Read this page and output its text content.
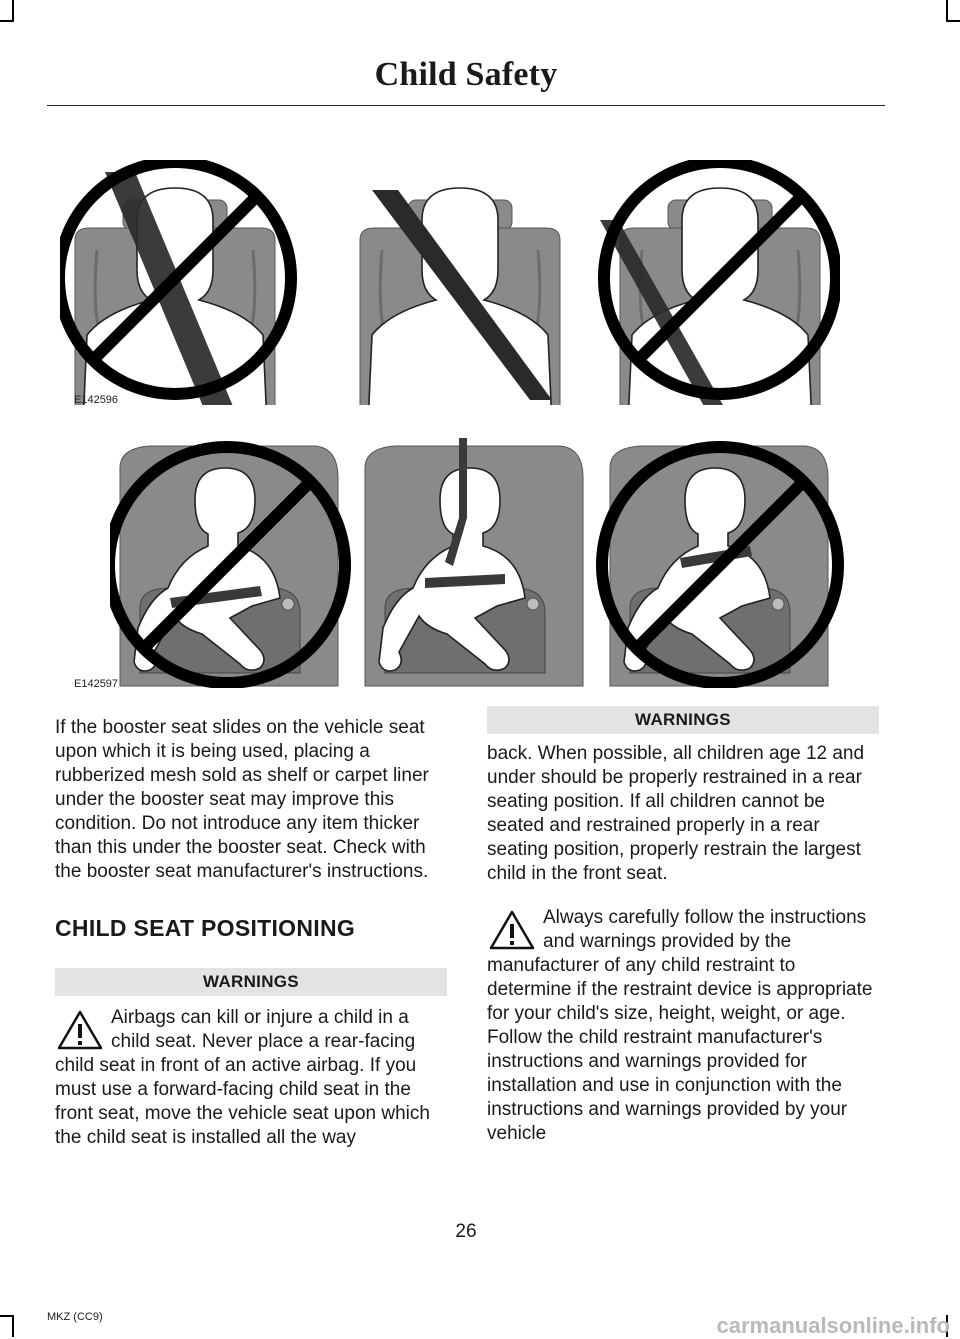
Child Safety
E142596
E142597

If the booster seat slides on the vehicle seat upon which it is being used, placing a rubberized mesh sold as shelf or carpet liner under the booster seat may improve this condition. Do not introduce any item thicker than this under the booster seat. Check with the booster seat manufacturer's instructions.

CHILD SEAT POSITIONING
WARNINGS
Airbags can kill or injure a child in a child seat. Never place a rear-facing child seat in front of an active airbag. If you must use a forward-facing child seat in the front seat, move the vehicle seat upon which the child seat is installed all the way
WARNINGS

back. When possible, all children age 12 and under should be properly restrained in a rear seating position. If all children cannot be seated and restrained properly in a rear seating position, properly restrain the largest child in the front seat.

Always carefully follow the instructions and warnings provided by the manufacturer of any child restraint to determine if the restraint device is appropriate for your child's size, height, weight, or age. Follow the child restraint manufacturer's instructions and warnings provided for installation and use in conjunction with the instructions and warnings provided by your vehicle
26
MKZ (CC9)	carmanualsonline.info
